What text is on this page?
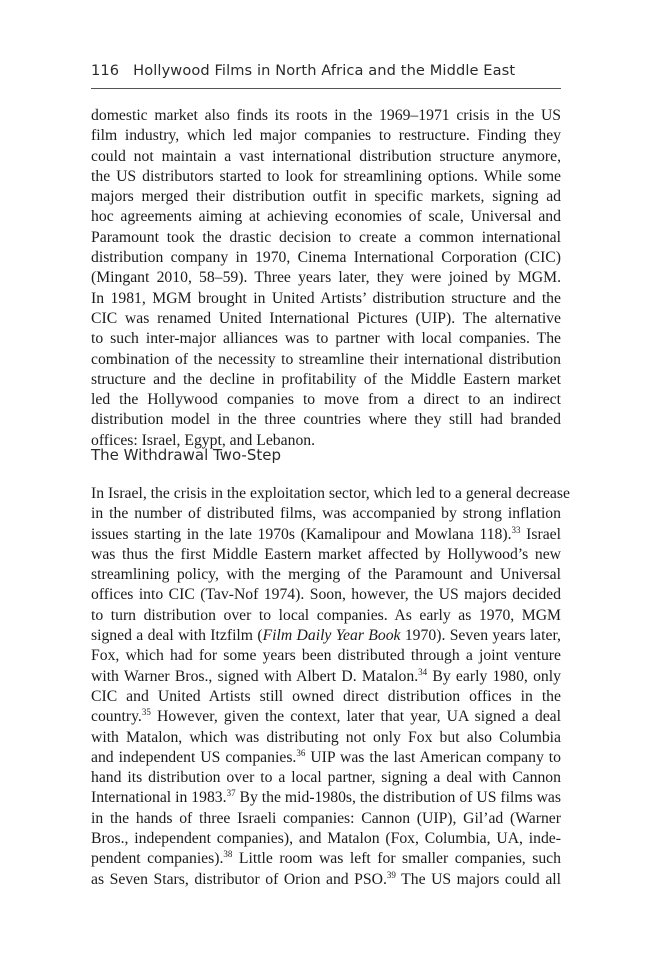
116 Hollywood Films in North Africa and the Middle East
domestic market also finds its roots in the 1969–1971 crisis in the US
film industry, which led major companies to restructure. Finding they
could not maintain a vast international distribution structure anymore,
the US distributors started to look for streamlining options. While some
majors merged their distribution outfit in specific markets, signing ad
hoc agreements aiming at achieving economies of scale, Universal and
Paramount took the drastic decision to create a common international
distribution company in 1970, Cinema International Corporation (CIC)
(Mingant 2010, 58–59). Three years later, they were joined by MGM.
In 1981, MGM brought in United Artists’ distribution structure and the
CIC was renamed United International Pictures (UIP). The alternative
to such inter-major alliances was to partner with local companies. The
combination of the necessity to streamline their international distribution
structure and the decline in profitability of the Middle Eastern market
led the Hollywood companies to move from a direct to an indirect
distribution model in the three countries where they still had branded
offices: Israel, Egypt, and Lebanon.
The Withdrawal Two-Step
In Israel, the crisis in the exploitation sector, which led to a general decrease
in the number of distributed films, was accompanied by strong inflation
issues starting in the late 1970s (Kamalipour and Mowlana 118).$^{33}$ Israel
was thus the first Middle Eastern market affected by Hollywood’s new
streamlining policy, with the merging of the Paramount and Universal
offices into CIC (Tav-Nof 1974). Soon, however, the US majors decided
to turn distribution over to local companies. As early as 1970, MGM
signed a deal with Itzfilm (Film Daily Year Book 1970). Seven years later,
Fox, which had for some years been distributed through a joint venture
with Warner Bros., signed with Albert D. Matalon.$^{34}$ By early 1980, only
CIC and United Artists still owned direct distribution offices in the
country.$^{35}$ However, given the context, later that year, UA signed a deal
with Matalon, which was distributing not only Fox but also Columbia
and independent US companies.$^{36}$ UIP was the last American company to
hand its distribution over to a local partner, signing a deal with Cannon
International in 1983.37 By the mid-1980s, the distribution of US films was
in the hands of three Israeli companies: Cannon (UIP), Gil’ad (Warner
Bros., independent companies), and Matalon (Fox, Columbia, UA, inde-
pendent companies).$^{38}$ Little room was left for smaller companies, such
as Seven Stars, distributor of Orion and PSO.$^{39}$ The US majors could all
